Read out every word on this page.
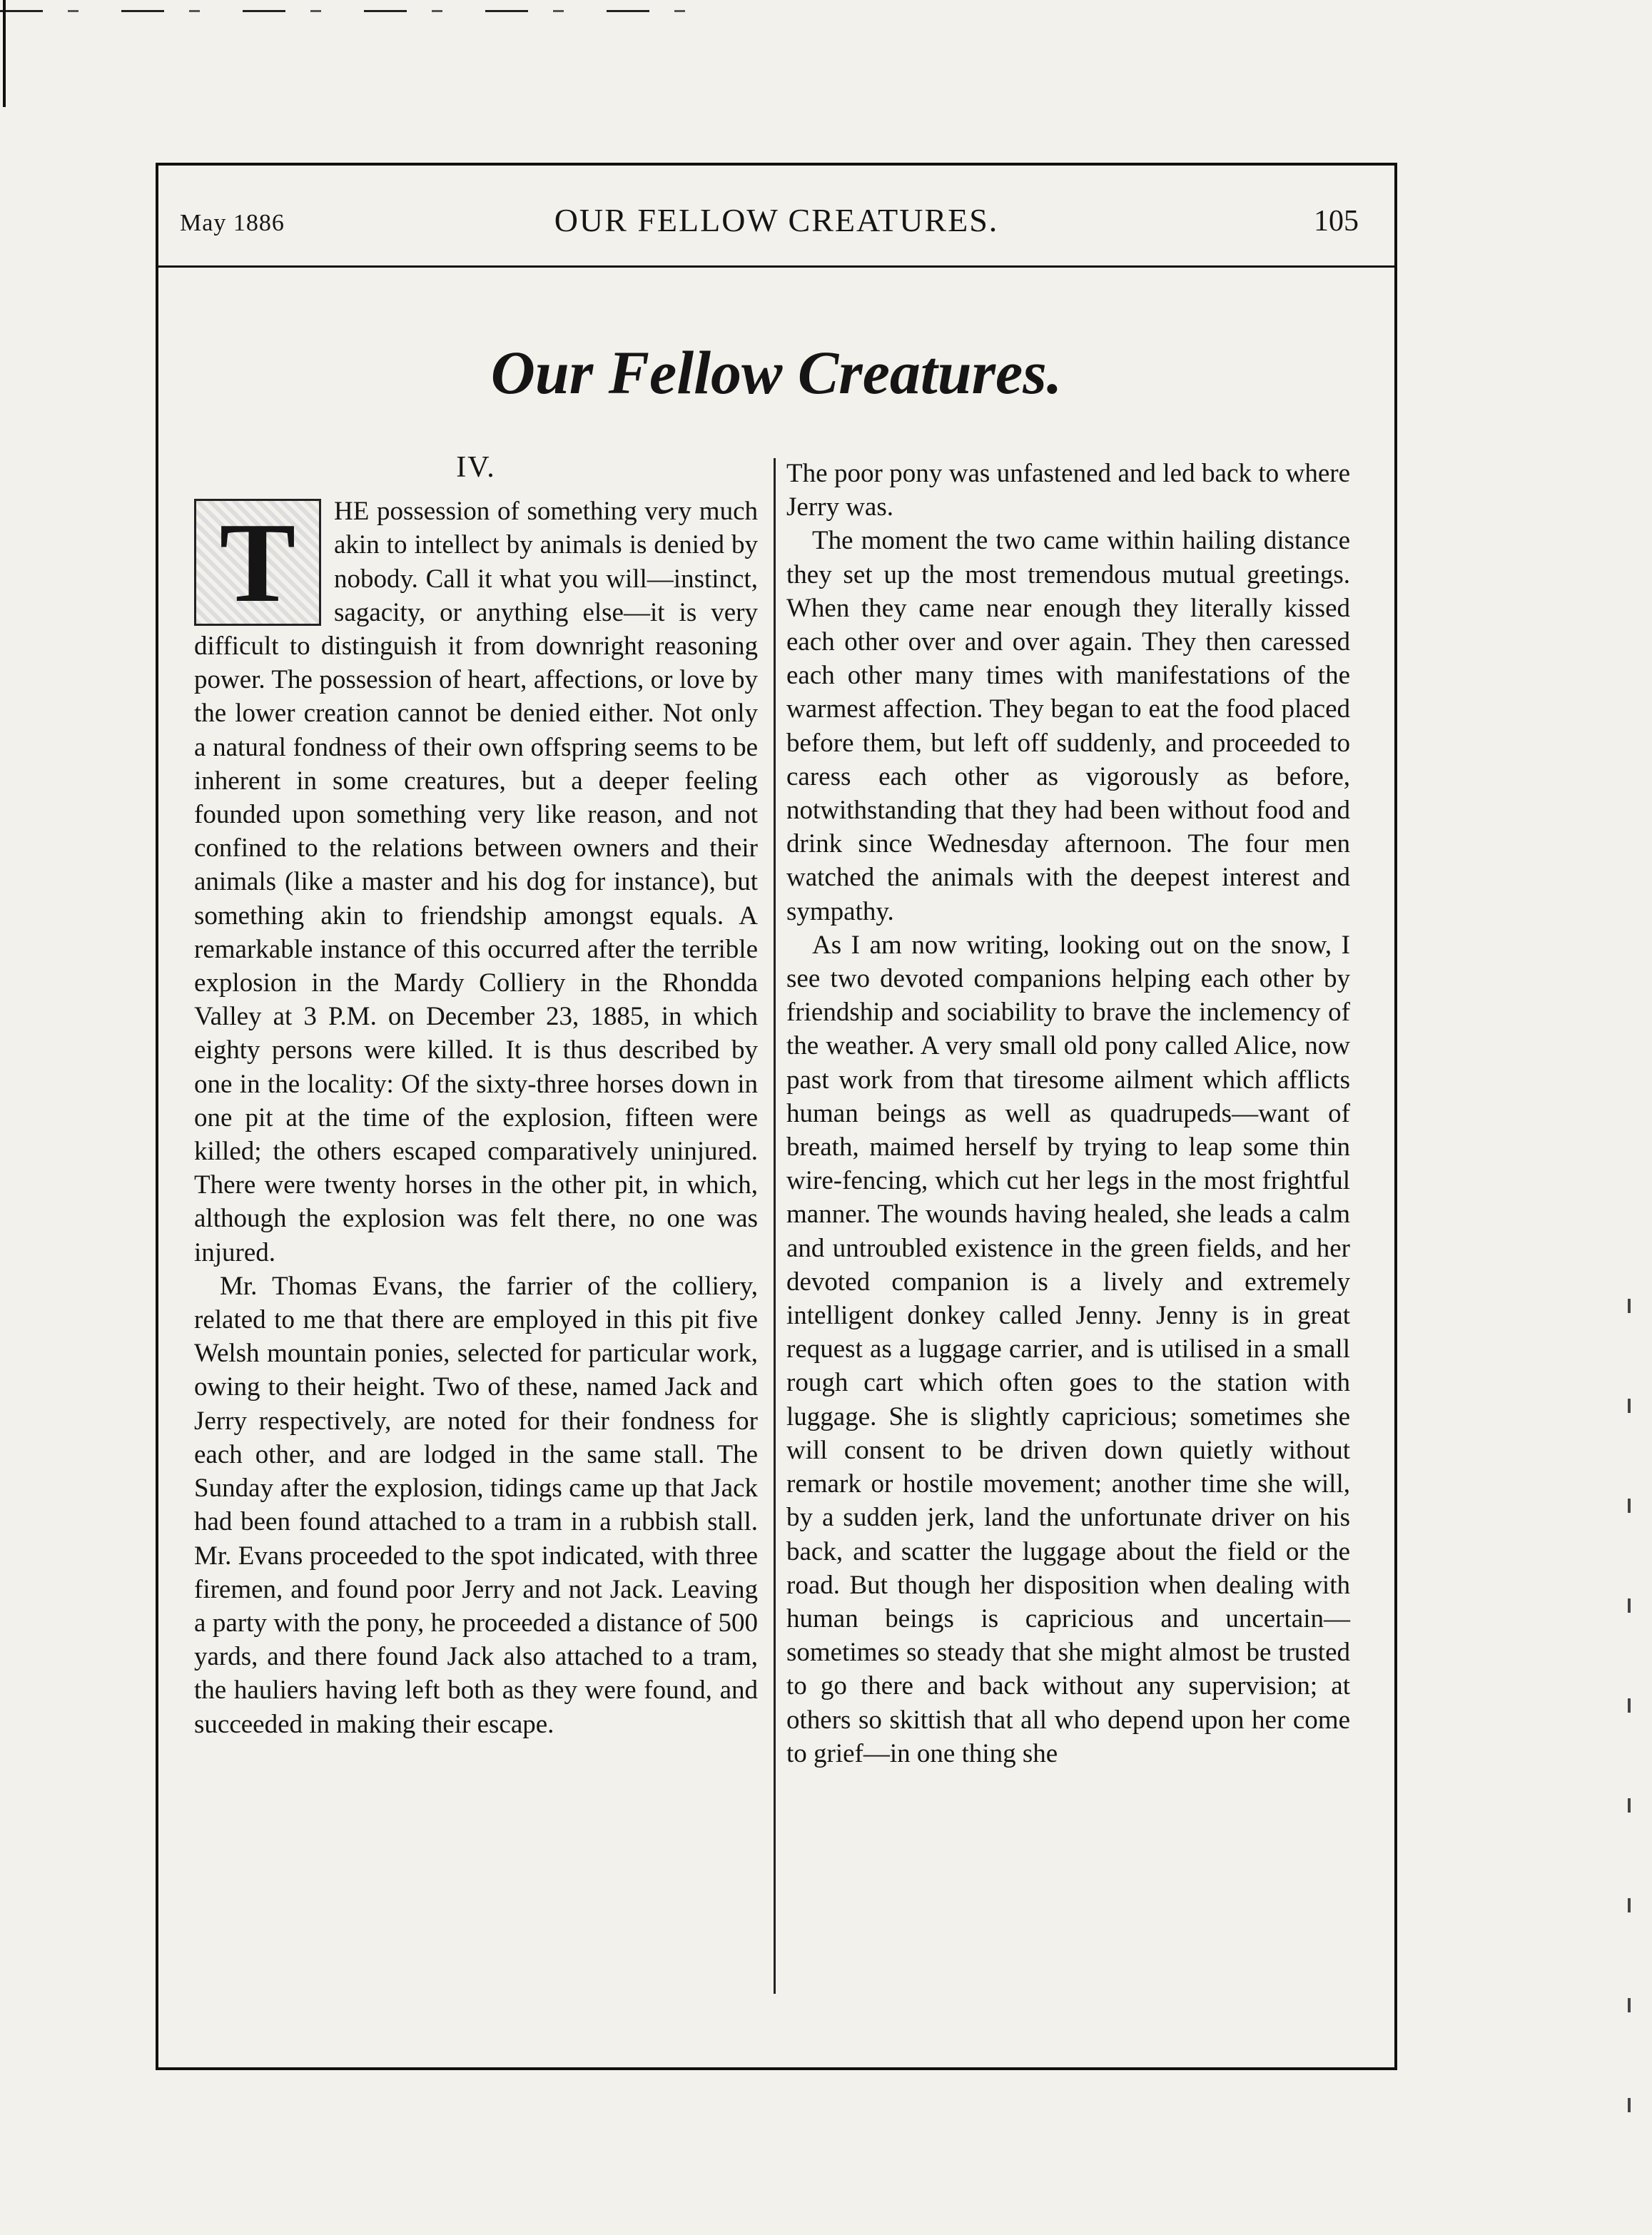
May 1886	OUR FELLOW CREATURES.	105
Our Fellow Creatures.
IV.
T	HE possession of something very much akin to intellect by animals is denied by nobody. Call it what you will—instinct, sagacity, or anything else—it is very difficult to distinguish it from downright reasoning power. The possession of heart, affections, or love by the lower creation cannot be denied either. Not only a natural fondness of their own offspring seems to be inherent in some creatures, but a deeper feeling founded upon something very like reason, and not confined to the relations between owners and their animals (like a master and his dog for instance), but something akin to friendship amongst equals. A remarkable instance of this occurred after the terrible explosion in the Mardy Colliery in the Rhondda Valley at 3 P.M. on December 23, 1885, in which eighty persons were killed. It is thus described by one in the locality: Of the sixty-three horses down in one pit at the time of the explosion, fifteen were killed; the others escaped comparatively uninjured. There were twenty horses in the other pit, in which, although the explosion was felt there, no one was injured.

Mr. Thomas Evans, the farrier of the colliery, related to me that there are employed in this pit five Welsh mountain ponies, selected for particular work, owing to their height. Two of these, named Jack and Jerry respectively, are noted for their fondness for each other, and are lodged in the same stall. The Sunday after the explosion, tidings came up that Jack had been found attached to a tram in a rubbish stall. Mr. Evans proceeded to the spot indicated, with three firemen, and found poor Jerry and not Jack. Leaving a party with the pony, he proceeded a distance of 500 yards, and there found Jack also attached to a tram, the hauliers having left both as they were found, and succeeded in making their escape.

The poor pony was unfastened and led back to where Jerry was.

The moment the two came within hailing distance they set up the most tremendous mutual greetings. When they came near enough they literally kissed each other over and over again. They then caressed each other many times with manifestations of the warmest affection. They began to eat the food placed before them, but left off suddenly, and proceeded to caress each other as vigorously as before, notwithstanding that they had been without food and drink since Wednesday afternoon. The four men watched the animals with the deepest interest and sympathy.

As I am now writing, looking out on the snow, I see two devoted companions helping each other by friendship and sociability to brave the inclemency of the weather. A very small old pony called Alice, now past work from that tiresome ailment which afflicts human beings as well as quadrupeds—want of breath, maimed herself by trying to leap some thin wire-fencing, which cut her legs in the most frightful manner. The wounds having healed, she leads a calm and untroubled existence in the green fields, and her devoted companion is a lively and extremely intelligent donkey called Jenny. Jenny is in great request as a luggage carrier, and is utilised in a small rough cart which often goes to the station with luggage. She is slightly capricious; sometimes she will consent to be driven down quietly without remark or hostile movement; another time she will, by a sudden jerk, land the unfortunate driver on his back, and scatter the luggage about the field or the road. But though her disposition when dealing with human beings is capricious and uncertain—sometimes so steady that she might almost be trusted to go there and back without any supervision; at others so skittish that all who depend upon her come to grief—in one thing she
